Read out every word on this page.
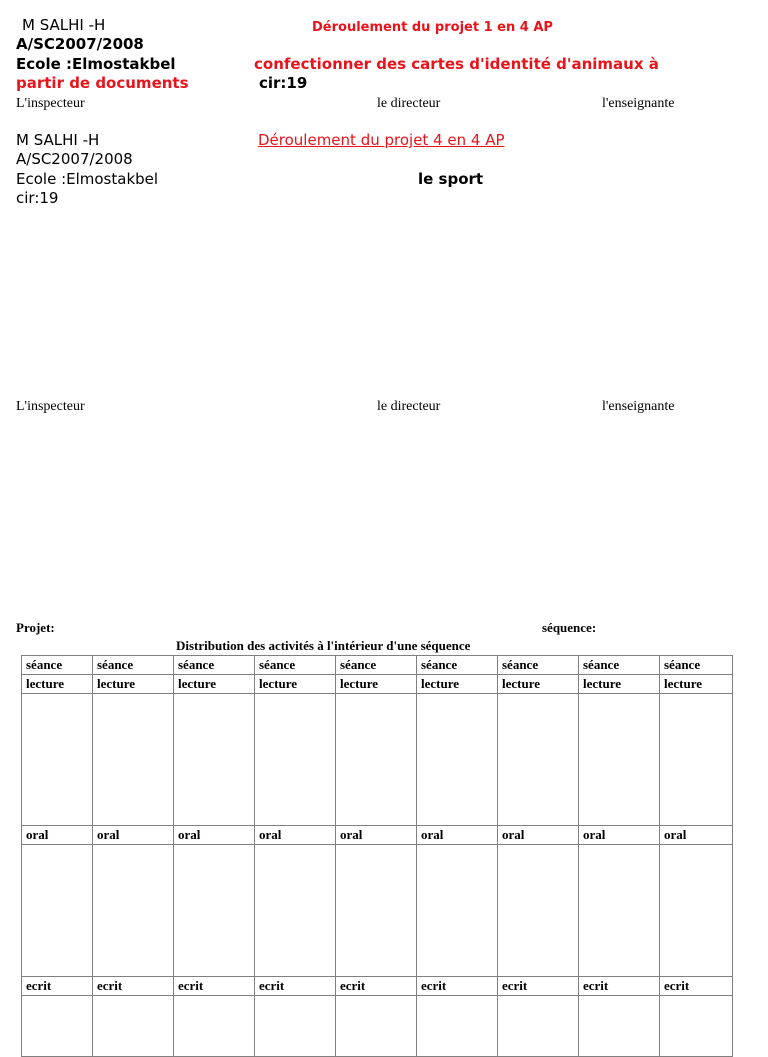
M SALHI -H
A/SC2007/2008
Ecole :Elmostakbel
Déroulement du projet 1 en 4 AP
confectionner des cartes d'identité d'animaux à
partir de documents	cir:19
L'inspecteur	le directeur	l'enseignante
M SALHI -H
A/SC2007/2008
Ecole :Elmostakbel
cir:19
Déroulement du projet 4 en 4 AP
le sport
L'inspecteur	le directeur	l'enseignante
Projet:	séquence:
Distribution des activités à l'intérieur d'une séquence
séance	séance	séance	séance	séance	séance	séance	séance	séance
lecture	lecture	lecture	lecture	lecture	lecture	lecture	lecture	lecture

oral	oral	oral	oral	oral	oral	oral	oral	oral

ecrit	ecrit	ecrit	ecrit	ecrit	ecrit	ecrit	ecrit	ecrit
